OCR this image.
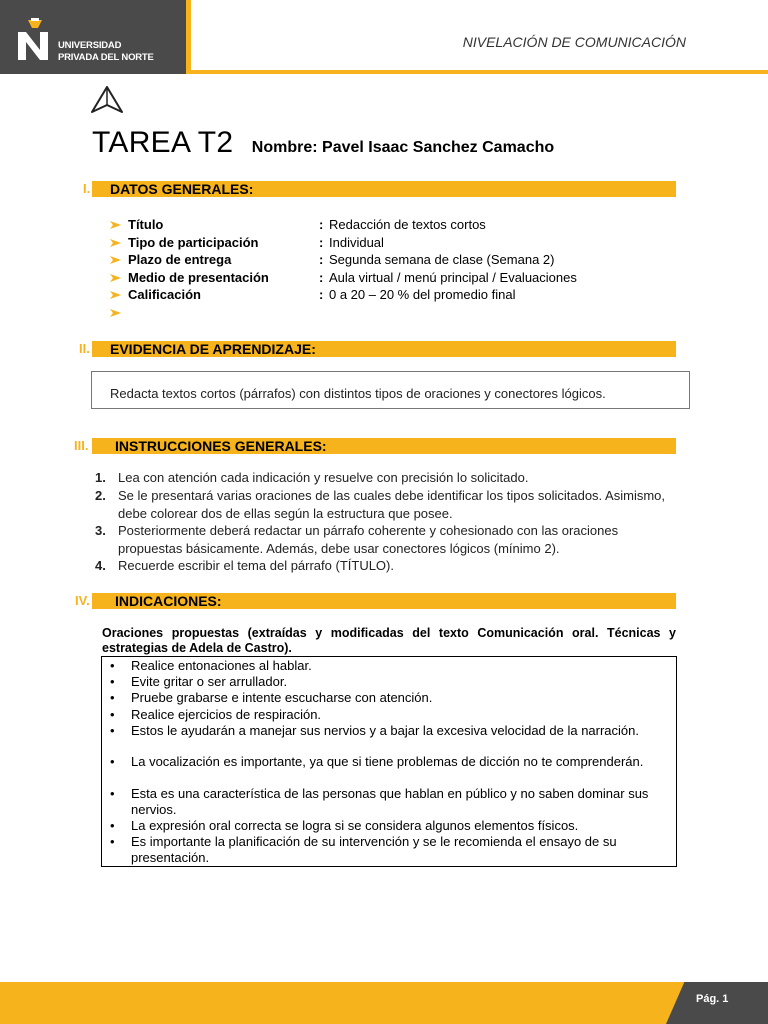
UNIVERSIDAD
PRIVADA DEL NORTE
NIVELACIÓN DE COMUNICACIÓN
TAREA T2 Nombre: Pavel Isaac Sanchez Camacho
I. DATOS GENERALES:
Título	: Redacción de textos cortos
Tipo de participación	: Individual
Plazo de entrega	: Segunda semana de clase (Semana 2)
Medio de presentación	: Aula virtual / menú principal / Evaluaciones
Calificación	: 0 a 20 – 20 % del promedio final
II. EVIDENCIA DE APRENDIZAJE:
Redacta textos cortos (párrafos) con distintos tipos de oraciones y conectores lógicos.
III. INSTRUCCIONES GENERALES:
1. Lea con atención cada indicación y resuelve con precisión lo solicitado.
2. Se le presentará varias oraciones de las cuales debe identificar los tipos solicitados. Asimismo, debe colorear dos de ellas según la estructura que posee.
3. Posteriormente deberá redactar un párrafo coherente y cohesionado con las oraciones propuestas básicamente. Además, debe usar conectores lógicos (mínimo 2).
4. Recuerde escribir el tema del párrafo (TÍTULO).
IV. INDICACIONES:
Oraciones propuestas (extraídas y modificadas del texto Comunicación oral. Técnicas y estrategias de Adela de Castro).
• Realice entonaciones al hablar.
• Evite gritar o ser arrullador.
• Pruebe grabarse e intente escucharse con atención.
• Realice ejercicios de respiración.
• Estos le ayudarán a manejar sus nervios y a bajar la excesiva velocidad de la narración.
• La vocalización es importante, ya que si tiene problemas de dicción no te comprenderán.
• Esta es una característica de las personas que hablan en público y no saben dominar sus nervios.
• La expresión oral correcta se logra si se considera algunos elementos físicos.
• Es importante la planificación de su intervención y se le recomienda el ensayo de su presentación.
Pág. 1
